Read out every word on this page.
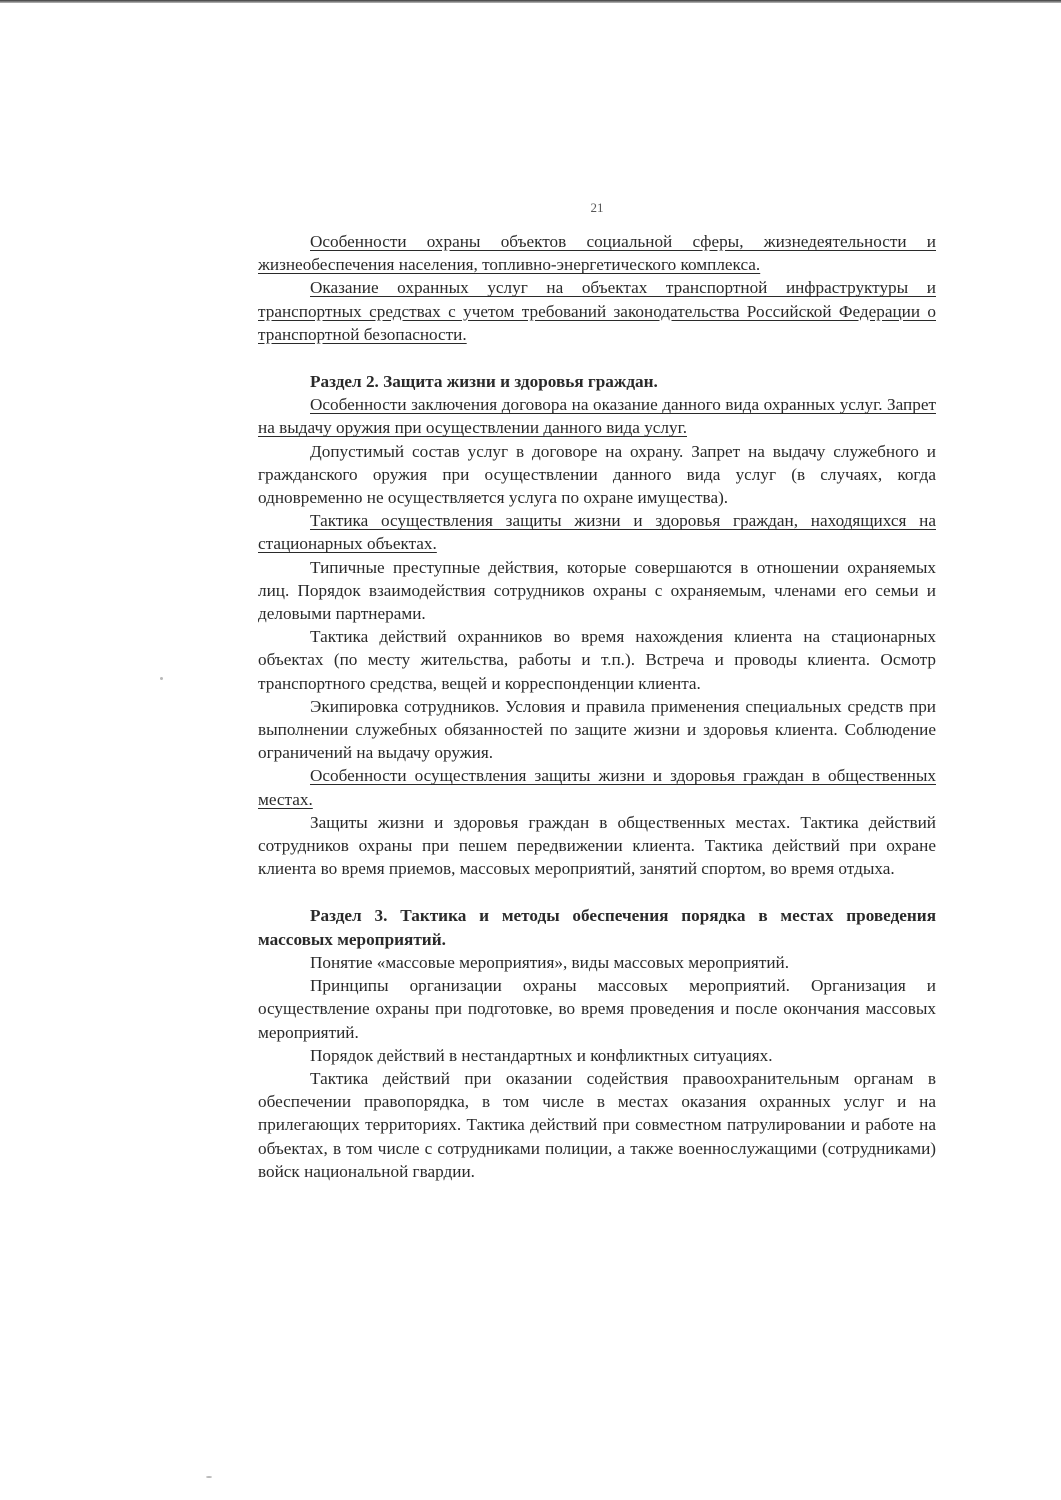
21

Особенности охраны объектов социальной сферы, жизнедеятельности и жизнеобеспечения населения, топливно-энергетического комплекса.

Оказание охранных услуг на объектах транспортной инфраструктуры и транспортных средствах с учетом требований законодательства Российской Федерации о транспортной безопасности.

Раздел 2. Защита жизни и здоровья граждан.

Особенности заключения договора на оказание данного вида охранных услуг. Запрет на выдачу оружия при осуществлении данного вида услуг.

Допустимый состав услуг в договоре на охрану. Запрет на выдачу служебного и гражданского оружия при осуществлении данного вида услуг (в случаях, когда одновременно не осуществляется услуга по охране имущества).

Тактика осуществления защиты жизни и здоровья граждан, находящихся на стационарных объектах.

Типичные преступные действия, которые совершаются в отношении охраняемых лиц. Порядок взаимодействия сотрудников охраны с охраняемым, членами его семьи и деловыми партнерами.

Тактика действий охранников во время нахождения клиента на стационарных объектах (по месту жительства, работы и т.п.). Встреча и проводы клиента. Осмотр транспортного средства, вещей и корреспонденции клиента.

Экипировка сотрудников. Условия и правила применения специальных средств при выполнении служебных обязанностей по защите жизни и здоровья клиента. Соблюдение ограничений на выдачу оружия.

Особенности осуществления защиты жизни и здоровья граждан в общественных местах.

Защиты жизни и здоровья граждан в общественных местах. Тактика действий сотрудников охраны при пешем передвижении клиента. Тактика действий при охране клиента во время приемов, массовых мероприятий, занятий спортом, во время отдыха.

Раздел 3. Тактика и методы обеспечения порядка в местах проведения массовых мероприятий.

Понятие «массовые мероприятия», виды массовых мероприятий.

Принципы организации охраны массовых мероприятий. Организация и осуществление охраны при подготовке, во время проведения и после окончания массовых мероприятий.

Порядок действий в нестандартных и конфликтных ситуациях.

Тактика действий при оказании содействия правоохранительным органам в обеспечении правопорядка, в том числе в местах оказания охранных услуг и на прилегающих территориях. Тактика действий при совместном патрулировании и работе на объектах, в том числе с сотрудниками полиции, а также военнослужащими (сотрудниками) войск национальной гвардии.
